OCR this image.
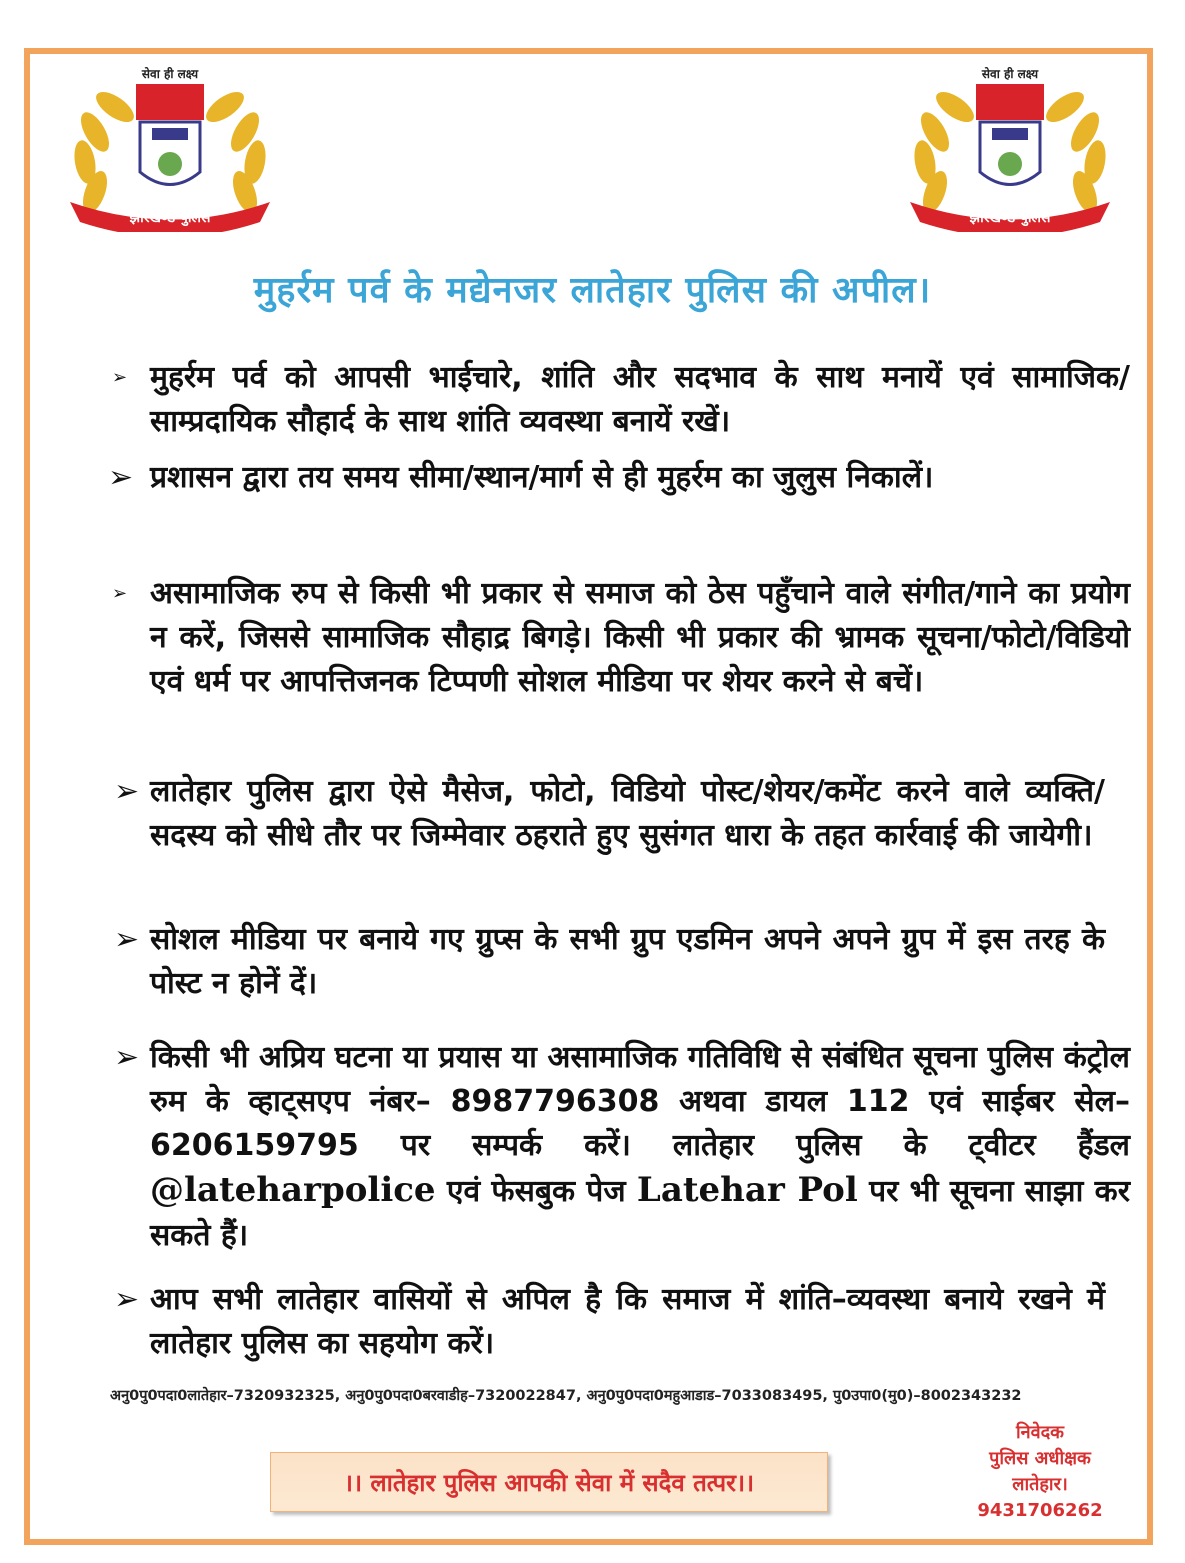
सेवा ही लक्ष्य
झारखण्ड पुलिस
सेवा ही लक्ष्य
झारखण्ड पुलिस
मुहर्रम पर्व के मद्येनजर लातेहार पुलिस की अपील।
➢ मुहर्रम पर्व को आपसी भाईचारे, शांति और सदभाव के साथ मनायें एवं सामाजिक/साम्प्रदायिक सौहार्द के साथ शांति व्यवस्था बनायें रखें।

➢ प्रशासन द्वारा तय समय सीमा/स्थान/मार्ग से ही मुहर्रम का जुलुस निकालें।

➢ असामाजिक रुप से किसी भी प्रकार से समाज को ठेस पहुँचाने वाले संगीत/गाने का प्रयोग न करें, जिससे सामाजिक सौहाद्र बिगड़े। किसी भी प्रकार की भ्रामक सूचना/फोटो/विडियो एवं धर्म पर आपत्तिजनक टिप्पणी सोशल मीडिया पर शेयर करने से बचें।

➢ लातेहार पुलिस द्वारा ऐसे मैसेज, फोटो, विडियो पोस्ट/शेयर/कमेंट करने वाले व्यक्ति/सदस्य को सीधे तौर पर जिम्मेवार ठहराते हुए सुसंगत धारा के तहत कार्रवाई की जायेगी।

➢ सोशल मीडिया पर बनाये गए ग्रुप्स के सभी ग्रुप एडमिन अपने अपने ग्रुप में इस तरह के पोस्ट न होनें दें।

➢ किसी भी अप्रिय घटना या प्रयास या असामाजिक गतिविधि से संबंधित सूचना पुलिस कंट्रोल रुम के व्हाट्सएप नंबर– 8987796308 अथवा डायल 112 एवं साईबर सेल– 6206159795 पर सम्पर्क करें। लातेहार पुलिस के ट्वीटर हैंडल @lateharpolice एवं फेसबुक पेज Latehar Pol पर भी सूचना साझा कर सकते हैं।

➢ आप सभी लातेहार वासियों से अपिल है कि समाज में शांति–व्यवस्था बनाये रखने में लातेहार पुलिस का सहयोग करें।

अनु0पु0पदा0लातेहार–7320932325, अनु0पु0पदा0बरवाडीह–7320022847, अनु0पु0पदा0महुआडाड–7033083495, पु0उपा0(मु0)–8002343232
।। लातेहार पुलिस आपकी सेवा में सदैव तत्पर।।
निवेदक
पुलिस अधीक्षक
लातेहार।
9431706262
